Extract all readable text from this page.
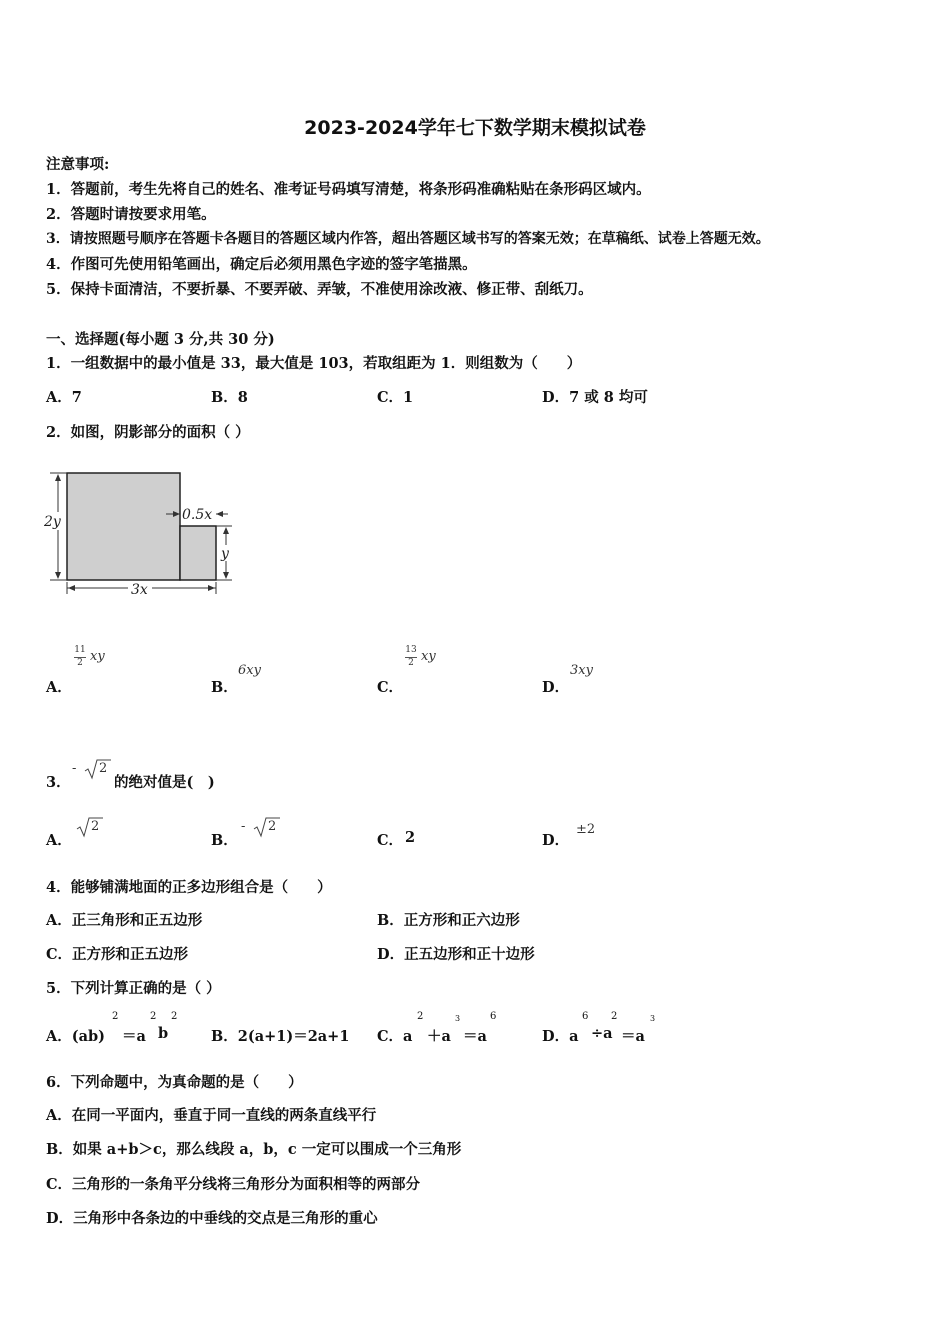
2023-2024学年七下数学期末模拟试卷
注意事项:
1．答题前，考生先将自己的姓名、准考证号码填写清楚，将条形码准确粘贴在条形码区域内。
2．答题时请按要求用笔。
3．请按照题号顺序在答题卡各题目的答题区域内作答，超出答题区域书写的答案无效；在草稿纸、试卷上答题无效。
4．作图可先使用铅笔画出，确定后必须用黑色字迹的签字笔描黑。
5．保持卡面清洁，不要折暴、不要弄破、弄皱，不准使用涂改液、修正带、刮纸刀。
一、选择题(每小题 3 分,共 30 分)
1．一组数据中的最小值是 33，最大值是 103，若取组距为 1．则组数为（　　）
A．7	B．8	C．1	D．7 或 8 均可
2．如图，阴影部分的面积（ ）
2y
3x
0.5x
y
A．
11
2 xy
B．
6xy
C．
13
2 xy
D．
3xy
3．
- 2
的绝对值是(　)
A．
2
B．
- 2
C． 2	D．
±2
4．能够铺满地面的正多边形组合是（　　）
A．正三角形和正五边形	B．正方形和正六边形
C．正方形和正五边形	D．正五边形和正十边形
5．下列计算正确的是（ ）
A．(ab)
2
＝a
2
b
2
B．2(a+1)＝2a+1 C．a
2
＋a
3
＝a
6
D．a
6
÷a
2
＝a
3
6．下列命题中，为真命题的是（　　）
A．在同一平面内，垂直于同一直线的两条直线平行
B．如果 a+b＞c，那么线段 a，b，c 一定可以围成一个三角形
C．三角形的一条角平分线将三角形分为面积相等的两部分
D．三角形中各条边的中垂线的交点是三角形的重心
